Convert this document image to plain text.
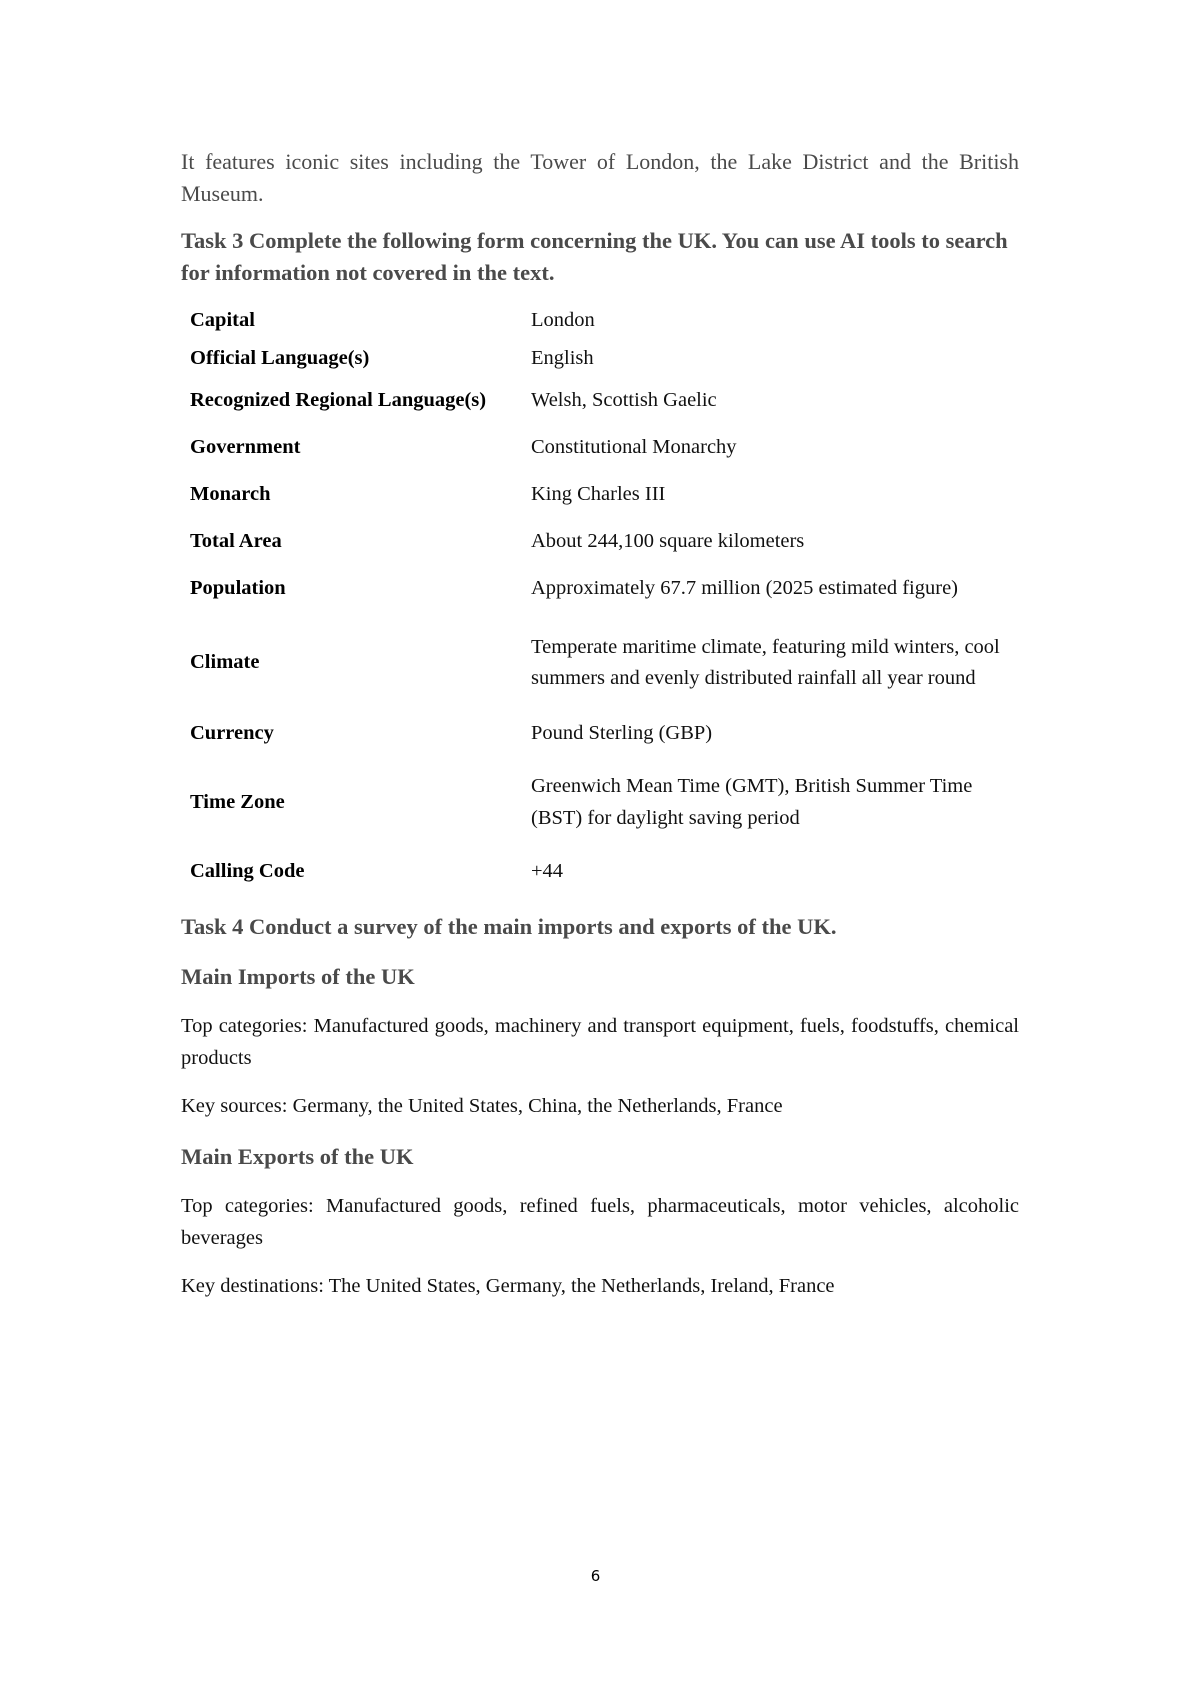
It features iconic sites including the Tower of London, the Lake District and the British Museum.

Task 3 Complete the following form concerning the UK. You can use AI tools to search for information not covered in the text.
Capital	London
Official Language(s)	English
Recognized Regional Language(s)	Welsh, Scottish Gaelic
Government	Constitutional Monarchy
Monarch	King Charles III
Total Area	About 244,100 square kilometers
Population	Approximately 67.7 million (2025 estimated figure)
Climate	Temperate maritime climate, featuring mild winters, cool summers and evenly distributed rainfall all year round
Currency	Pound Sterling (GBP)
Time Zone	Greenwich Mean Time (GMT), British Summer Time (BST) for daylight saving period
Calling Code	+44
Task 4 Conduct a survey of the main imports and exports of the UK.
Main Imports of the UK

Top categories: Manufactured goods, machinery and transport equipment, fuels, foodstuffs, chemical products

Key sources: Germany, the United States, China, the Netherlands, France

Main Exports of the UK

Top categories: Manufactured goods, refined fuels, pharmaceuticals, motor vehicles, alcoholic beverages

Key destinations: The United States, Germany, the Netherlands, Ireland, France

6
